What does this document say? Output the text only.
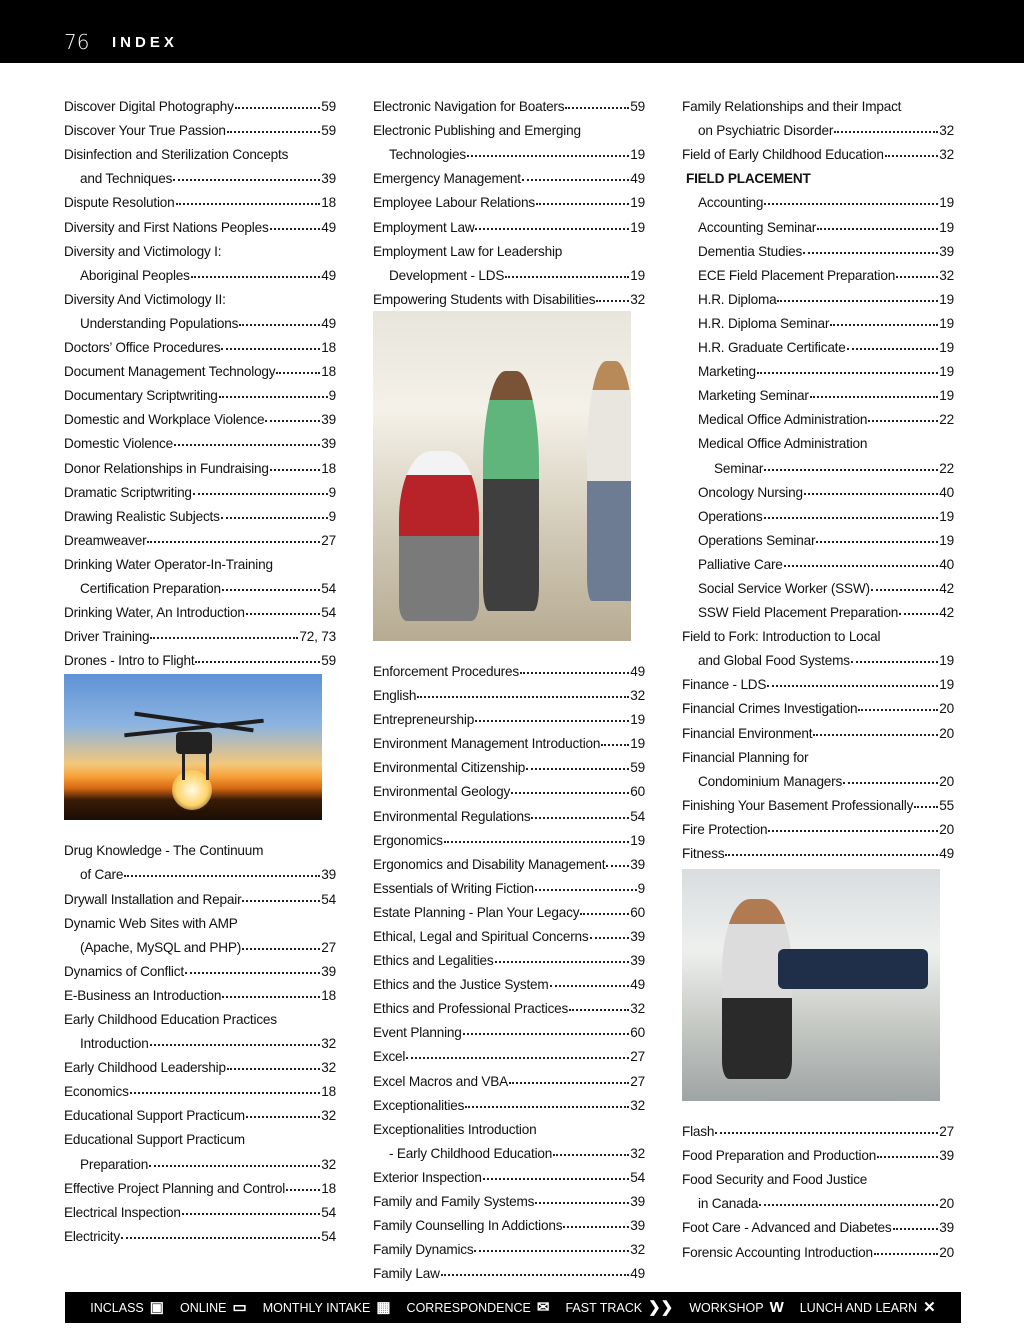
76 INDEX
Discover Digital Photography	59
Discover Your True Passion	59
Disinfection and Sterilization Concepts
and Techniques	39
Dispute Resolution	18
Diversity and First Nations Peoples	49
Diversity and Victimology I:
Aboriginal Peoples	49
Diversity And Victimology II:
Understanding Populations	49
Doctors’ Office Procedures	18
Document Management Technology	18
Documentary Scriptwriting	9
Domestic and Workplace Violence	39
Domestic Violence	39
Donor Relationships in Fundraising	18
Dramatic Scriptwriting	9
Drawing Realistic Subjects	9
Dreamweaver	27
Drinking Water Operator-In-Training
Certification Preparation	54
Drinking Water, An Introduction	54
Driver Training	72, 73
Drones - Intro to Flight	59
Drug Knowledge - The Continuum
of Care	39
Drywall Installation and Repair	54
Dynamic Web Sites with AMP
(Apache, MySQL and PHP)	27
Dynamics of Conflict	39
E-Business an Introduction	18
Early Childhood Education Practices
Introduction	32
Early Childhood Leadership	32
Economics	18
Educational Support Practicum	32
Educational Support Practicum
Preparation	32
Effective Project Planning and Control	18
Electrical Inspection	54
Electricity	54
Electronic Navigation for Boaters	59
Electronic Publishing and Emerging
Technologies	19
Emergency Management	49
Employee Labour Relations	19
Employment Law	19
Employment Law for Leadership
Development - LDS	19
Empowering Students with Disabilities	32
Enforcement Procedures	49
English	32
Entrepreneurship	19
Environment Management Introduction 19
Environmental Citizenship	59
Environmental Geology	60
Environmental Regulations	54
Ergonomics	19
Ergonomics and Disability Management 39
Essentials of Writing Fiction	9
Estate Planning - Plan Your Legacy	60
Ethical, Legal and Spiritual Concerns	39
Ethics and Legalities	39
Ethics and the Justice System	49
Ethics and Professional Practices	32
Event Planning	60
Excel	27
Excel Macros and VBA	27
Exceptionalities	32
Exceptionalities Introduction
- Early Childhood Education	32
Exterior Inspection	54
Family and Family Systems	39
Family Counselling In Addictions	39
Family Dynamics	32
Family Law	49
Family Relationships and their Impact
on Psychiatric Disorder	32
Field of Early Childhood Education	32
FIELD PLACEMENT
Accounting	19
Accounting Seminar	19
Dementia Studies	39
ECE Field Placement Preparation	32
H.R. Diploma	19
H.R. Diploma Seminar	19
H.R. Graduate Certificate	19
Marketing	19
Marketing Seminar	19
Medical Office Administration	22
Medical Office Administration
Seminar	22
Oncology Nursing	40
Operations	19
Operations Seminar	19
Palliative Care	40
Social Service Worker (SSW)	42
SSW Field Placement Preparation	42
Field to Fork: Introduction to Local
and Global Food Systems	19
Finance - LDS	19
Financial Crimes Investigation	20
Financial Environment	20
Financial Planning for
Condominium Managers	20
Finishing Your Basement Professionally 55
Fire Protection	20
Fitness	49
Flash	27
Food Preparation and Production	39
Food Security and Food Justice
in Canada	20
Foot Care - Advanced and Diabetes	39
Forensic Accounting Introduction	20
INCLASS ▣ ONLINE ▭ MONTHLY INTAKE ▦ CORRESPONDENCE ✉ FAST TRACK ❯❯ WORKSHOP W LUNCH AND LEARN ✕
